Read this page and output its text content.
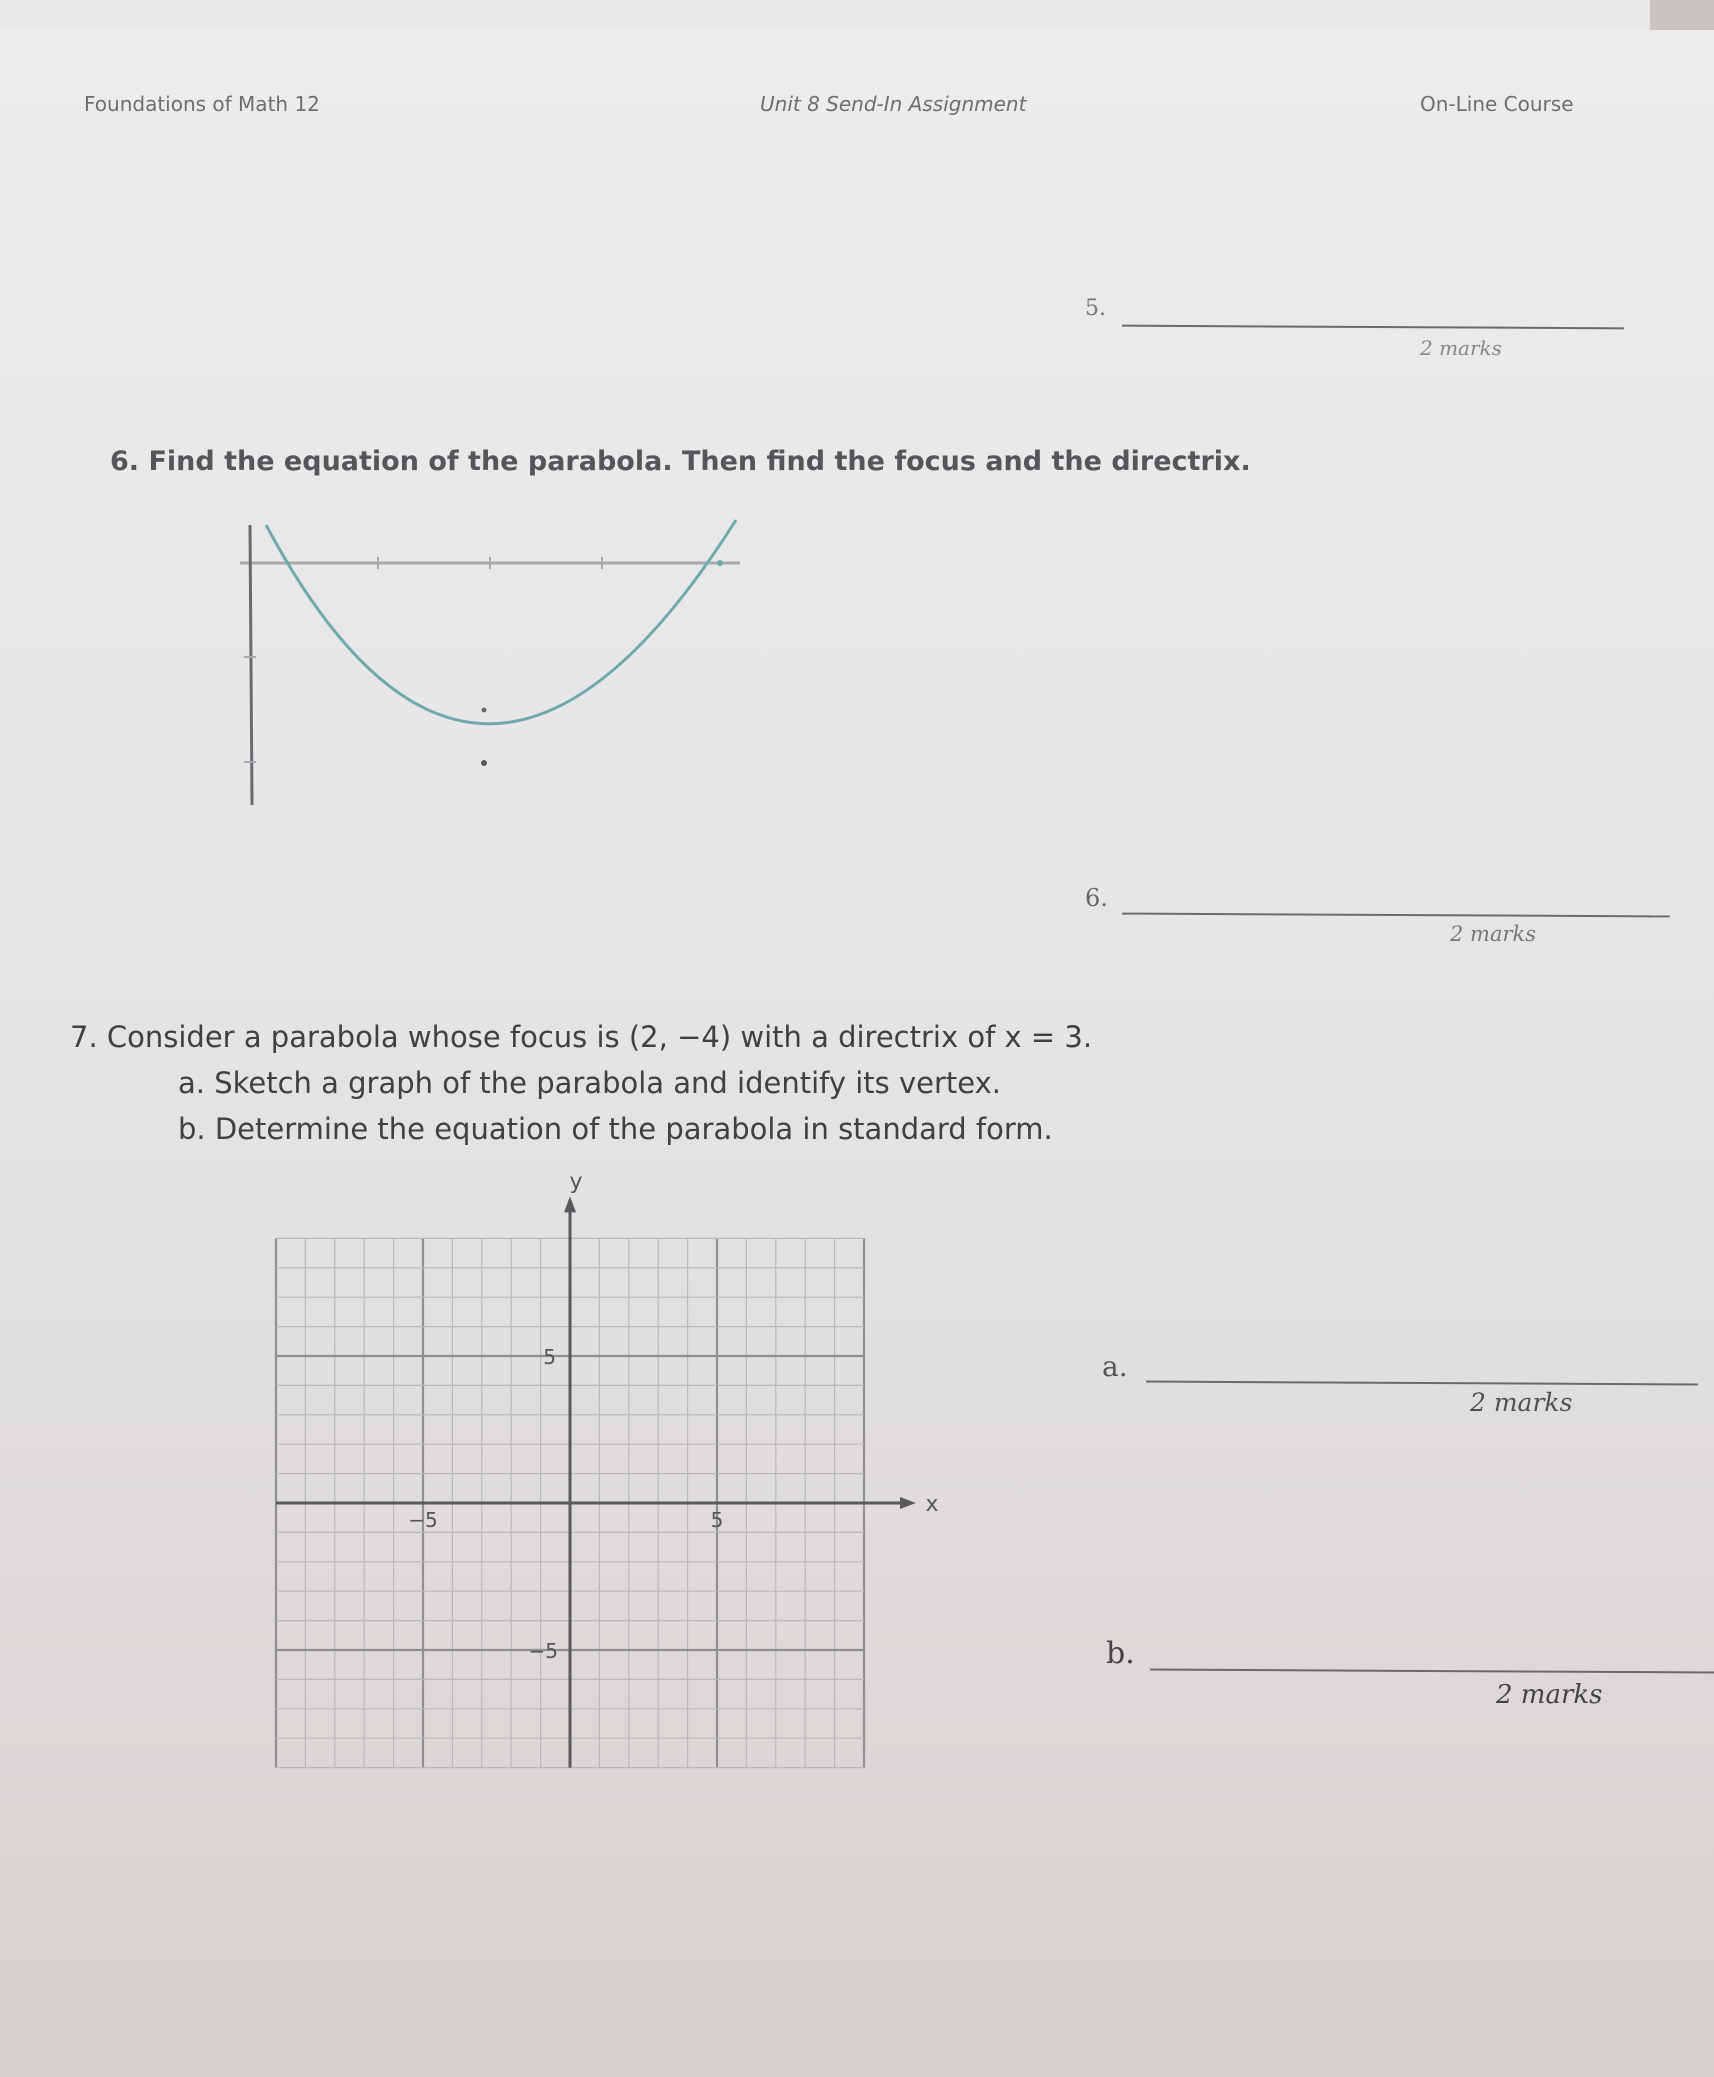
Foundations of Math 12	Unit 8 Send-In Assignment	On-Line Course
5.
2 marks
6. Find the equation of the parabola. Then find the focus and the directrix.
6.
2 marks
7. Consider a parabola whose focus is (2, −4) with a directrix of x = 3.
a. Sketch a graph of the parabola and identify its vertex.
b. Determine the equation of the parabola in standard form.
x
y
5
−5	5
−5
a.
2 marks
b.
2 marks
